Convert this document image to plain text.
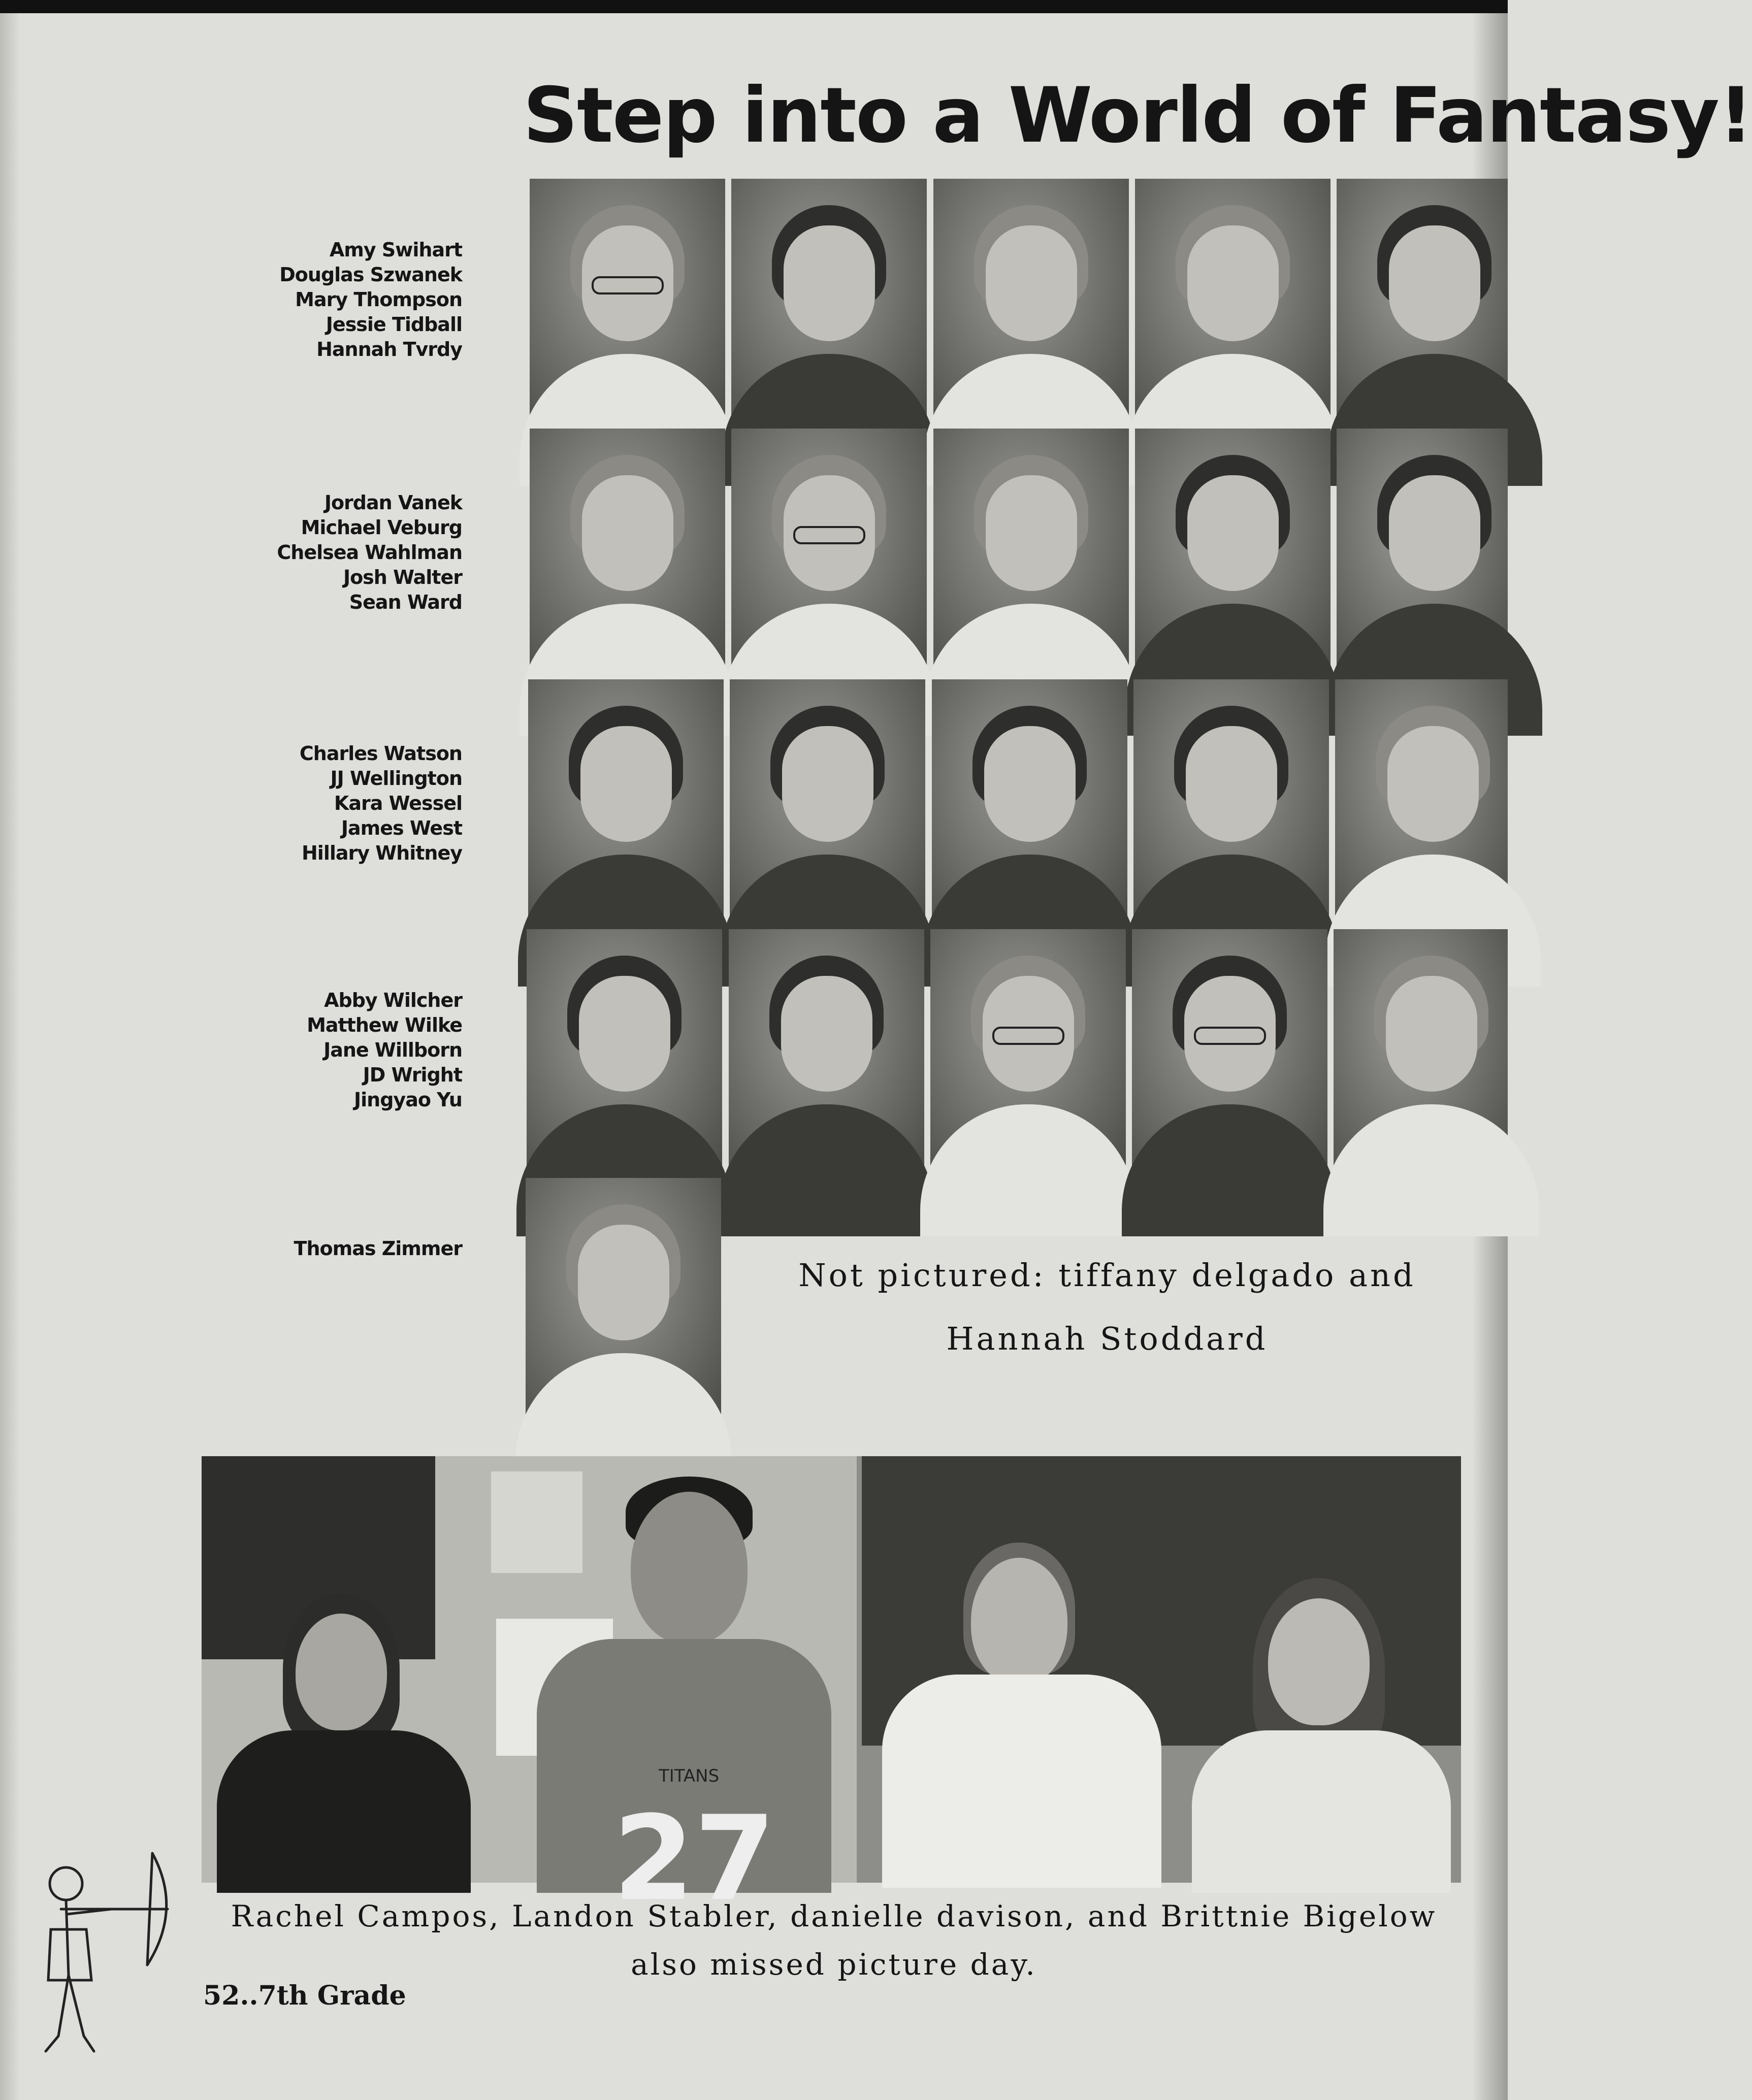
Step into a World of Fantasy!
Amy Swihart
Douglas Szwanek
Mary Thompson
Jessie Tidball
Hannah Tvrdy
Jordan Vanek
Michael Veburg
Chelsea Wahlman
Josh Walter
Sean Ward
Charles Watson
JJ Wellington
Kara Wessel
James West
Hillary Whitney
Abby Wilcher
Matthew Wilke
Jane Willborn
JD Wright
Jingyao Yu
Thomas Zimmer
Not pictured: tiffany delgado and
Hannah Stoddard
TITANS
27
Rachel Campos, Landon Stabler, danielle davison, and Brittnie Bigelow
also missed picture day.
52..7th Grade
